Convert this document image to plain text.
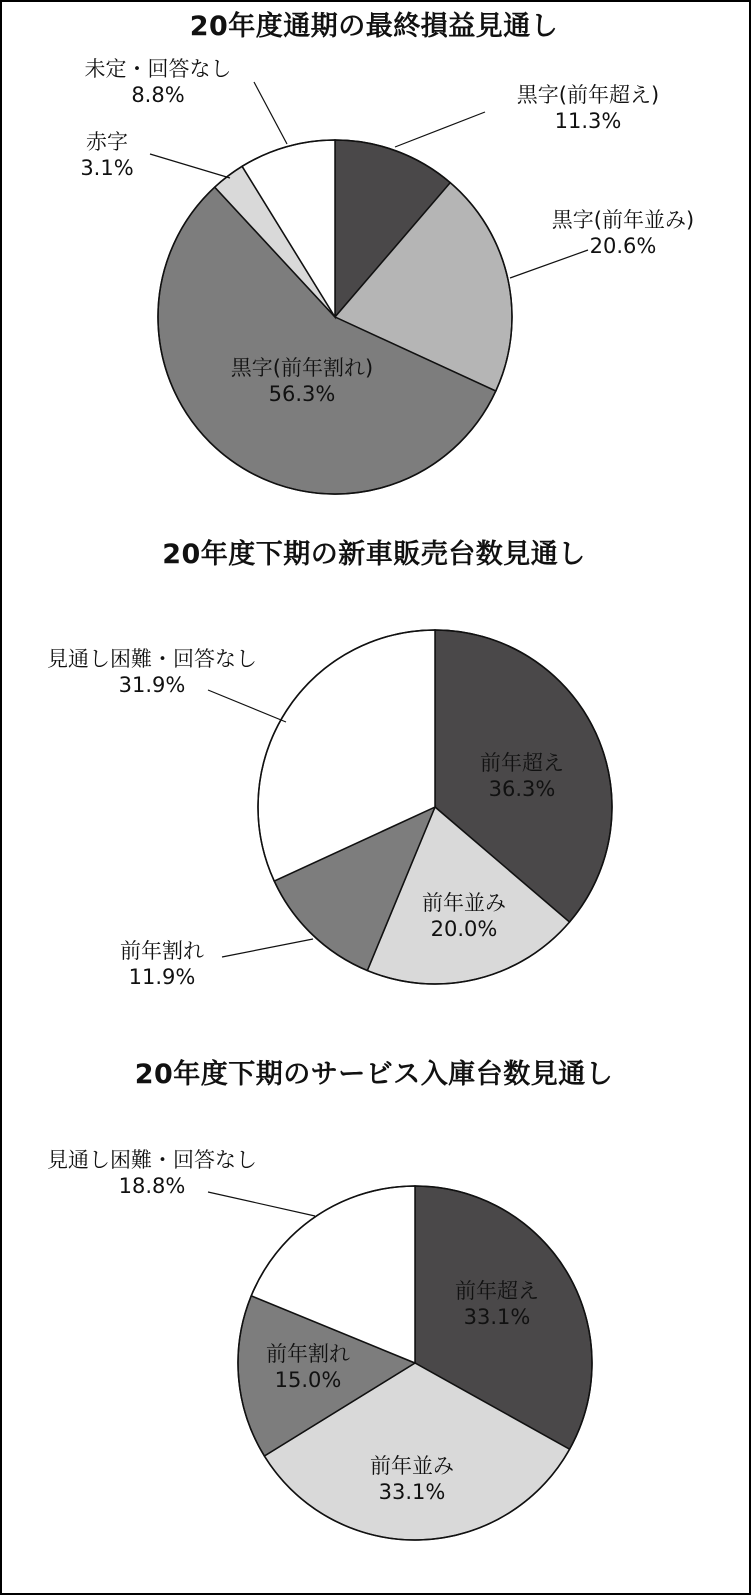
20年度通期の最終損益見通し
黒字(前年超え)
11.3%
黒字(前年並み)
20.6%
黒字(前年割れ)
56.3%
赤字
3.1%
未定・回答なし
8.8%
20年度下期の新車販売台数見通し
前年超え
36.3%
前年並み
20.0%
前年割れ
11.9%
見通し困難・回答なし
31.9%
20年度下期のサービス入庫台数見通し
前年超え
33.1%
前年並み
33.1%
前年割れ
15.0%
見通し困難・回答なし
18.8%
